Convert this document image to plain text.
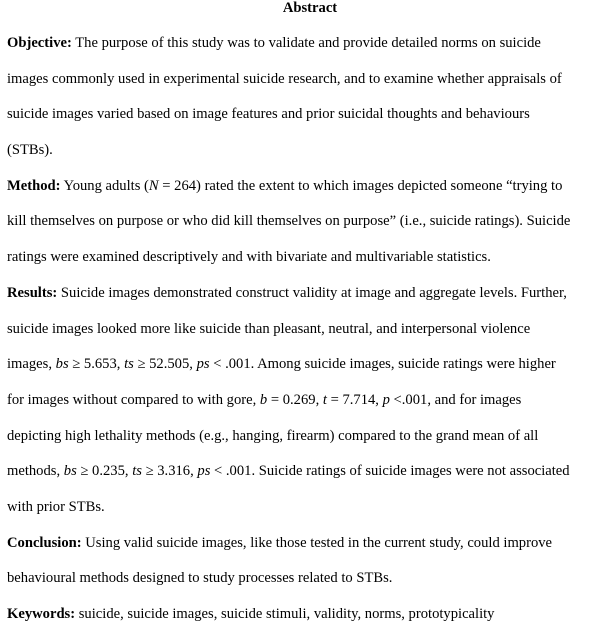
Abstract
Objective: The purpose of this study was to validate and provide detailed norms on suicide
images commonly used in experimental suicide research, and to examine whether appraisals of
suicide images varied based on image features and prior suicidal thoughts and behaviours
(STBs).
Method: Young adults (N = 264) rated the extent to which images depicted someone “trying to
kill themselves on purpose or who did kill themselves on purpose” (i.e., suicide ratings). Suicide
ratings were examined descriptively and with bivariate and multivariable statistics.
Results: Suicide images demonstrated construct validity at image and aggregate levels. Further,
suicide images looked more like suicide than pleasant, neutral, and interpersonal violence
images, bs ≥ 5.653, ts ≥ 52.505, ps < .001. Among suicide images, suicide ratings were higher
for images without compared to with gore, b = 0.269, t = 7.714, p <.001, and for images
depicting high lethality methods (e.g., hanging, firearm) compared to the grand mean of all
methods, bs ≥ 0.235, ts ≥ 3.316, ps < .001. Suicide ratings of suicide images were not associated
with prior STBs.
Conclusion: Using valid suicide images, like those tested in the current study, could improve
behavioural methods designed to study processes related to STBs.
Keywords: suicide, suicide images, suicide stimuli, validity, norms, prototypicality
